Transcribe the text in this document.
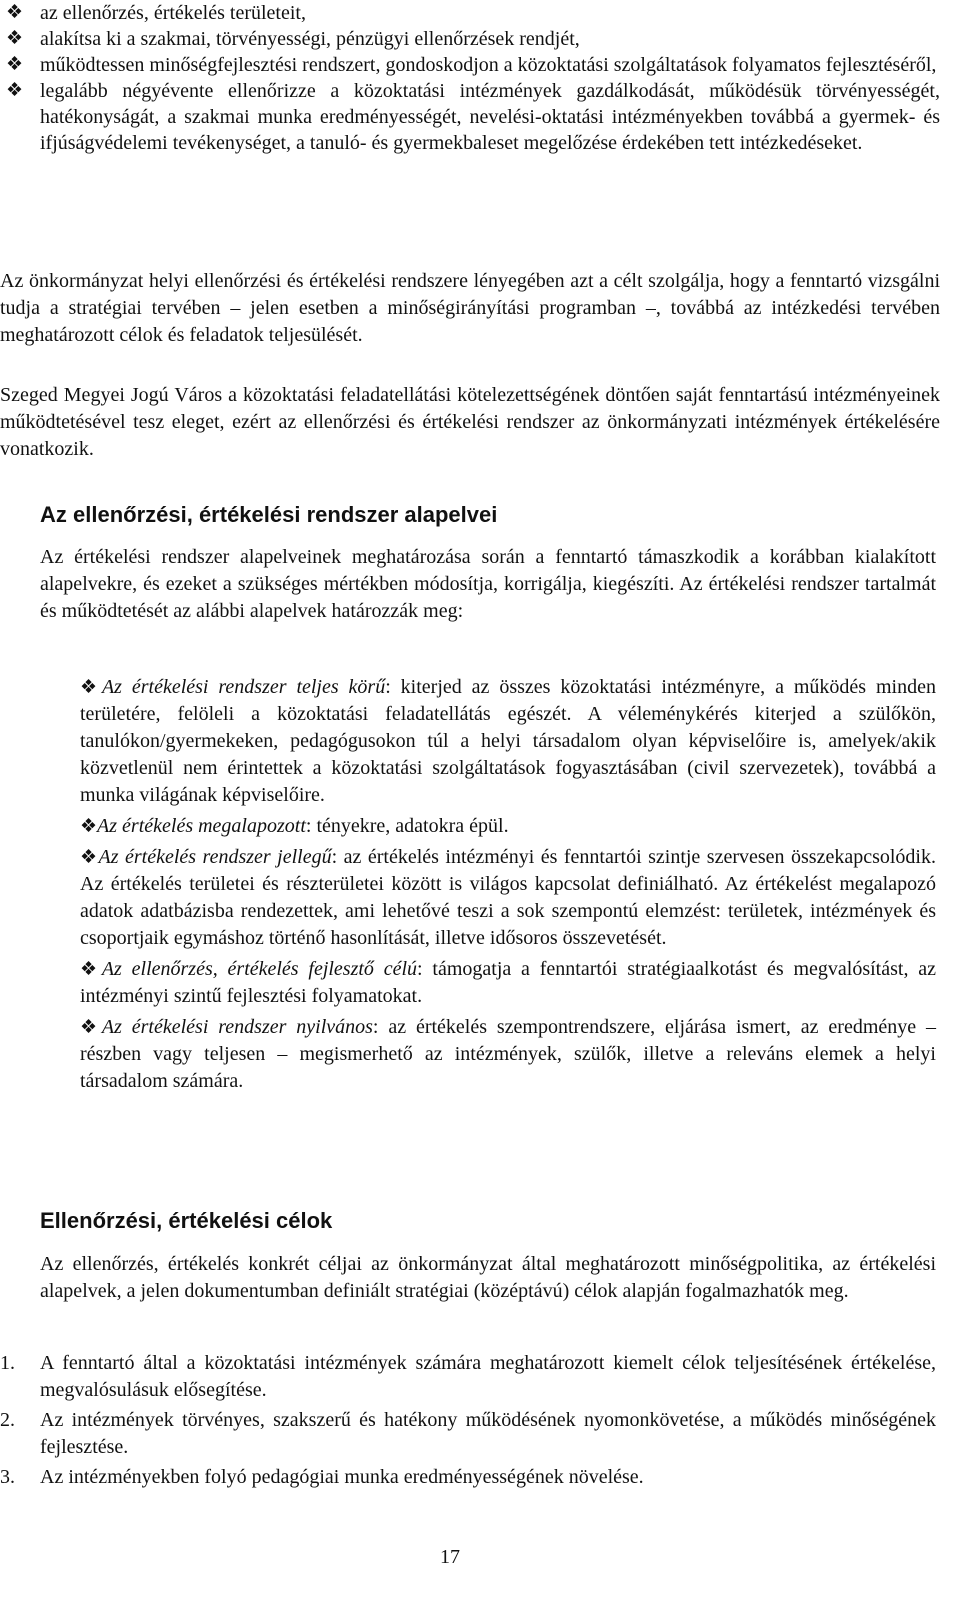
❖ az ellenőrzés, értékelés területeit,
❖ alakítsa ki a szakmai, törvényességi, pénzügyi ellenőrzések rendjét,
❖ működtessen minőségfejlesztési rendszert, gondoskodjon a közoktatási szolgáltatások folyamatos fejlesztéséről,
❖ legalább négyévente ellenőrizze a közoktatási intézmények gazdálkodását, működésük törvényességét, hatékonyságát, a szakmai munka eredményességét, nevelési-oktatási intézményekben továbbá a gyermek- és ifjúságvédelemi tevékenységet, a tanuló- és gyermekbaleset megelőzése érdekében tett intézkedéseket.

Az önkormányzat helyi ellenőrzési és értékelési rendszere lényegében azt a célt szolgálja, hogy a fenntartó vizsgálni tudja a stratégiai tervében – jelen esetben a minőségirányítási programban –, továbbá az intézkedési tervében meghatározott célok és feladatok teljesülését.

Szeged Megyei Jogú Város a közoktatási feladatellátási kötelezettségének döntően saját fenntartású intézményeinek működtetésével tesz eleget, ezért az ellenőrzési és értékelési rendszer az önkormányzati intézmények értékelésére vonatkozik.

Az ellenőrzési, értékelési rendszer alapelvei

Az értékelési rendszer alapelveinek meghatározása során a fenntartó támaszkodik a korábban kialakított alapelvekre, és ezeket a szükséges mértékben módosítja, korrigálja, kiegészíti. Az értékelési rendszer tartalmát és működtetését az alábbi alapelvek határozzák meg:

❖Az értékelési rendszer teljes körű: kiterjed az összes közoktatási intézményre, a működés minden területére, felöleli a közoktatási feladatellátás egészét. A véleménykérés kiterjed a szülőkön, tanulókon/gyermekeken, pedagógusokon túl a helyi társadalom olyan képviselőire is, amelyek/akik közvetlenül nem érintettek a közoktatási szolgáltatások fogyasztásában (civil szervezetek), továbbá a munka világának képviselőire.
❖Az értékelés megalapozott: tényekre, adatokra épül.
❖Az értékelés rendszer jellegű: az értékelés intézményi és fenntartói szintje szervesen összekapcsolódik. Az értékelés területei és részterületei között is világos kapcsolat definiálható. Az értékelést megalapozó adatok adatbázisba rendezettek, ami lehetővé teszi a sok szempontú elemzést: területek, intézmények és csoportjaik egymáshoz történő hasonlítását, illetve idősoros összevetését.
❖Az ellenőrzés, értékelés fejlesztő célú: támogatja a fenntartói stratégiaalkotást és megvalósítást, az intézményi szintű fejlesztési folyamatokat.
❖Az értékelési rendszer nyilvános: az értékelés szempontrendszere, eljárása ismert, az eredménye – részben vagy teljesen – megismerhető az intézmények, szülők, illetve a releváns elemek a helyi társadalom számára.
Ellenőrzési, értékelési célok

Az ellenőrzés, értékelés konkrét céljai az önkormányzat által meghatározott minőségpolitika, az értékelési alapelvek, a jelen dokumentumban definiált stratégiai (középtávú) célok alapján fogalmazhatók meg.

1. A fenntartó által a közoktatási intézmények számára meghatározott kiemelt célok teljesítésének értékelése, megvalósulásuk elősegítése.
2. Az intézmények törvényes, szakszerű és hatékony működésének nyomonkövetése, a működés minőségének fejlesztése.
3. Az intézményekben folyó pedagógiai munka eredményességének növelése.
17
